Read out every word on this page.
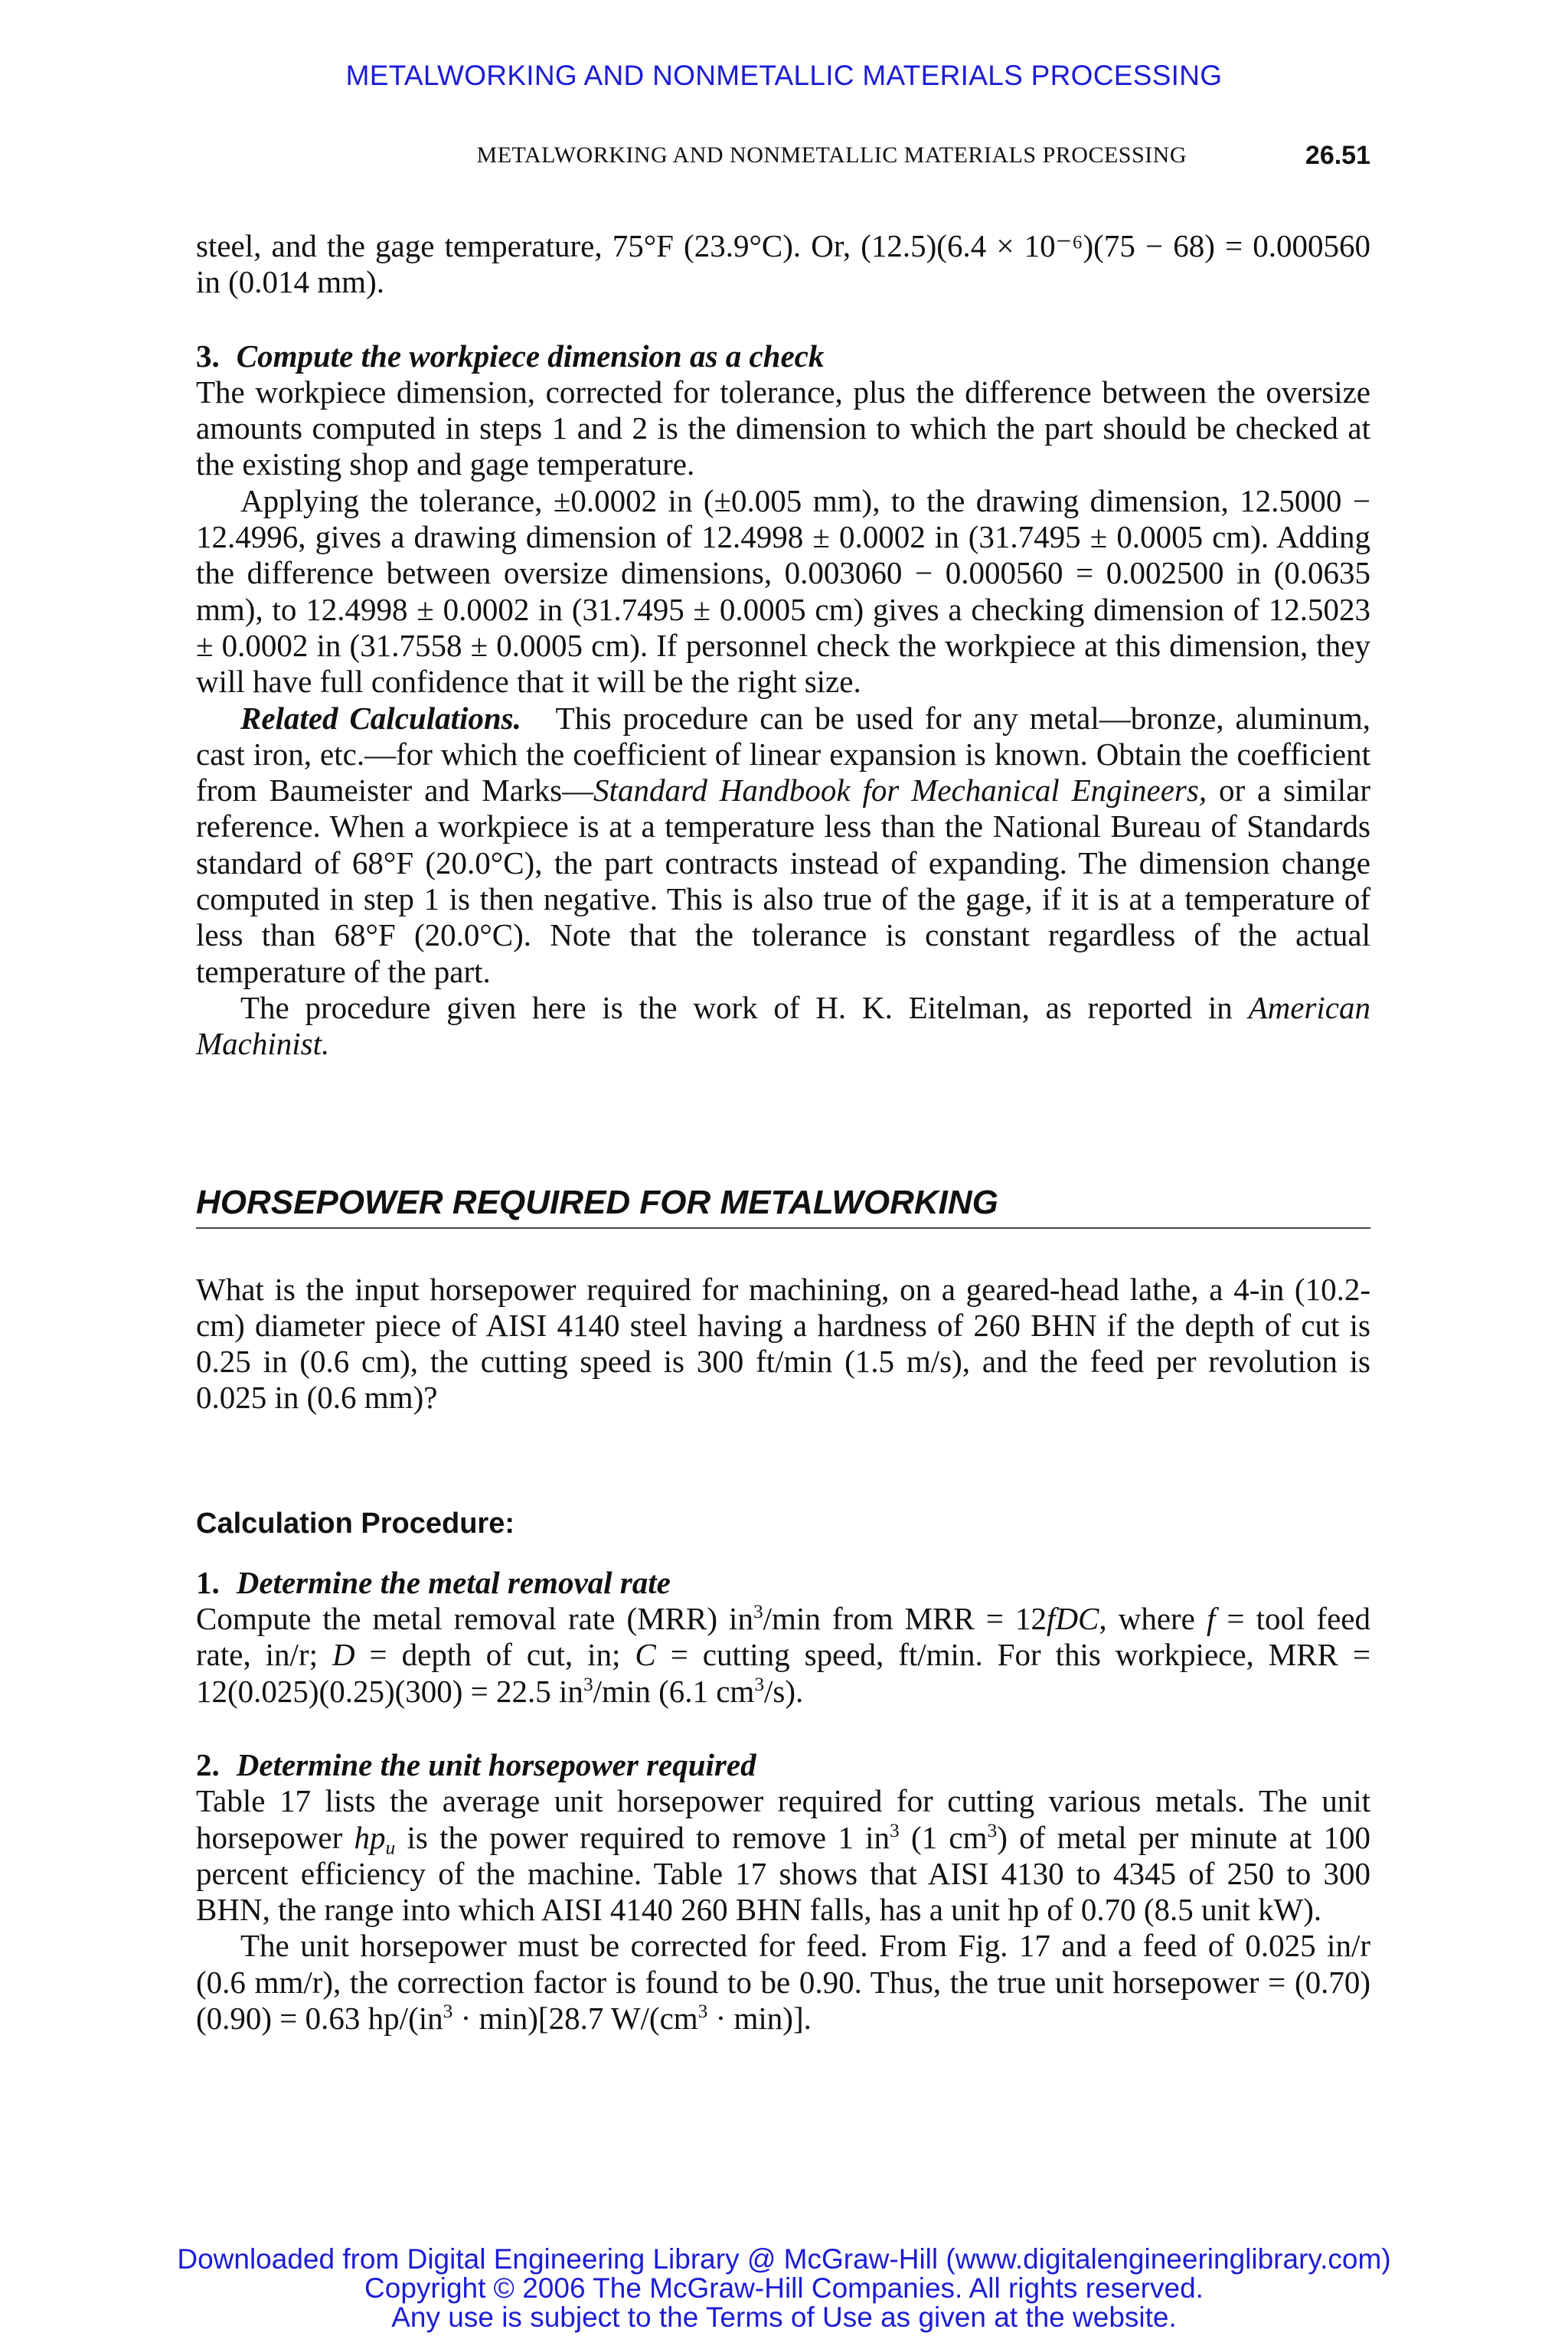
METALWORKING AND NONMETALLIC MATERIALS PROCESSING
METALWORKING AND NONMETALLIC MATERIALS PROCESSING	26.51

steel, and the gage temperature, 75°F (23.9°C). Or, (12.5)(6.4 × 10⁻⁶)(75 − 68) = 0.000560 in (0.014 mm).

3. Compute the workpiece dimension as a check

The workpiece dimension, corrected for tolerance, plus the difference between the oversize amounts computed in steps 1 and 2 is the dimension to which the part should be checked at the existing shop and gage temperature.

Applying the tolerance, ±0.0002 in (±0.005 mm), to the drawing dimension, 12.5000 − 12.4996, gives a drawing dimension of 12.4998 ± 0.0002 in (31.7495 ± 0.0005 cm). Adding the difference between oversize dimensions, 0.003060 − 0.000560 = 0.002500 in (0.0635 mm), to 12.4998 ± 0.0002 in (31.7495 ± 0.0005 cm) gives a checking dimension of 12.5023 ± 0.0002 in (31.7558 ± 0.0005 cm). If personnel check the workpiece at this dimension, they will have full confidence that it will be the right size.

Related Calculations. This procedure can be used for any metal—bronze, aluminum, cast iron, etc.—for which the coefficient of linear expansion is known. Obtain the coefficient from Baumeister and Marks—Standard Handbook for Mechanical Engineers, or a similar reference. When a workpiece is at a temperature less than the National Bureau of Standards standard of 68°F (20.0°C), the part contracts instead of expanding. The dimension change computed in step 1 is then negative. This is also true of the gage, if it is at a temperature of less than 68°F (20.0°C). Note that the tolerance is constant regardless of the actual temperature of the part.

The procedure given here is the work of H. K. Eitelman, as reported in American Machinist.

HORSEPOWER REQUIRED FOR METALWORKING

What is the input horsepower required for machining, on a geared-head lathe, a 4-in (10.2-cm) diameter piece of AISI 4140 steel having a hardness of 260 BHN if the depth of cut is 0.25 in (0.6 cm), the cutting speed is 300 ft/min (1.5 m/s), and the feed per revolution is 0.025 in (0.6 mm)?

Calculation Procedure:

1. Determine the metal removal rate

Compute the metal removal rate (MRR) $in^3/\min$ from MRR = 12fDC, where f = tool feed rate, in/r; D = depth of cut, in; C = cutting speed, ft/min. For this workpiece, MRR = 12(0.025)(0.25)(300) = 22.5 $in^3/\min$ (6.1 $cm^3/s$).

2. Determine the unit horsepower required

Table 17 lists the average unit horsepower required for cutting various metals. The unit horsepower $hp_u$ is the power required to remove 1 $in^3$ (1 $cm^3$) of metal per minute at 100 percent efficiency of the machine. Table 17 shows that AISI 4130 to 4345 of 250 to 300 BHN, the range into which AISI 4140 260 BHN falls, has a unit hp of 0.70 (8.5 unit kW).

The unit horsepower must be corrected for feed. From Fig. 17 and a feed of 0.025 in/r (0.6 mm/r), the correction factor is found to be 0.90. Thus, the true unit horsepower = (0.70)(0.90) = 0.63 $hp/(in^3 \cdot \min)[28.7$ $W/(cm^3 \cdot \min)$].

Downloaded from Digital Engineering Library @ McGraw-Hill (www.digitalengineeringlibrary.com)
Copyright © 2006 The McGraw-Hill Companies. All rights reserved.
Any use is subject to the Terms of Use as given at the website.
